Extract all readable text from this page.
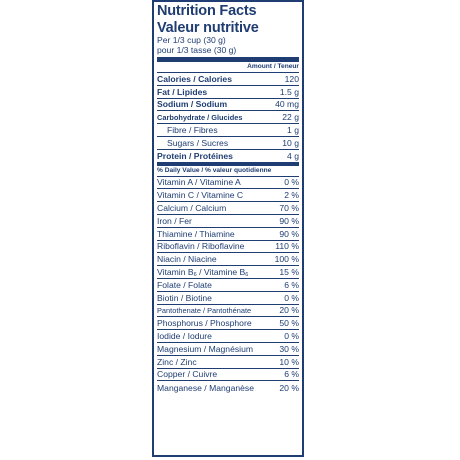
Nutrition Facts
Valeur nutritive
Per 1/3 cup (30 g)
pour 1/3 tasse (30 g)
Amount / Teneur
Calories / Calories	120
Fat / Lipides	1.5 g
Sodium / Sodium	40 mg
Carbohydrate / Glucides	22 g
Fibre / Fibres	1 g
Sugars / Sucres	10 g
Protein / Protéines	4 g
% Daily Value / % valeur quotidienne
Vitamin A / Vitamine A	0 %
Vitamin C / Vitamine C	2 %
Calcium / Calcium	70 %
Iron / Fer	90 %
Thiamine / Thiamine	90 %
Riboflavin / Riboflavine	110 %
Niacin / Niacine	100 %
Vitamin $B_6$ / Vitamine $B_6$	15 %
Folate / Folate	6 %
Biotin / Biotine	0 %
Pantothenate / Pantothénate	20 %
Phosphorus / Phosphore	50 %
Iodide / Iodure	0 %
Magnesium / Magnésium	30 %
Zinc / Zinc	10 %
Copper / Cuivre	6 %
Manganese / Manganèse	20 %
